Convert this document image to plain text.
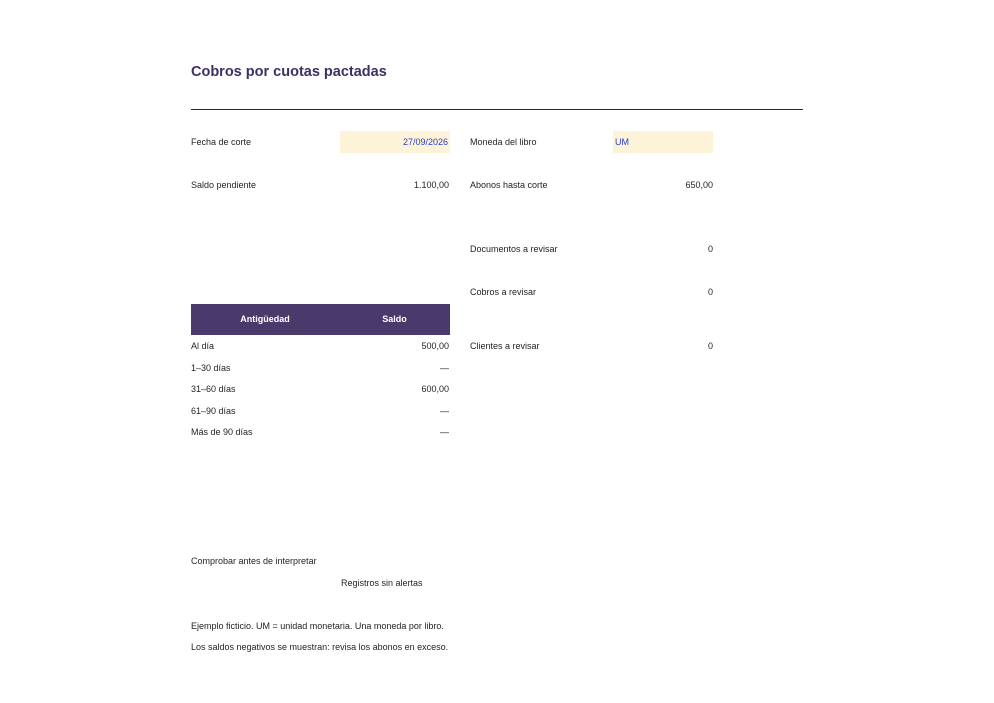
Cobros por cuotas pactadas
Fecha de corte	27/09/2026 Moneda del libro	UM
Saldo pendiente	1.100,00 Abonos hasta corte	650,00
Documentos a revisar	0
Cobros a revisar	0
Clientes a revisar	0
Antigüedad	Saldo
Al día	500,00
1–30 días	—
31–60 días	600,00
61–90 días	—
Más de 90 días	—
Comprobar antes de interpretar
Registros sin alertas
Ejemplo ficticio. UM = unidad monetaria. Una moneda por libro.
Los saldos negativos se muestran: revisa los abonos en exceso.
